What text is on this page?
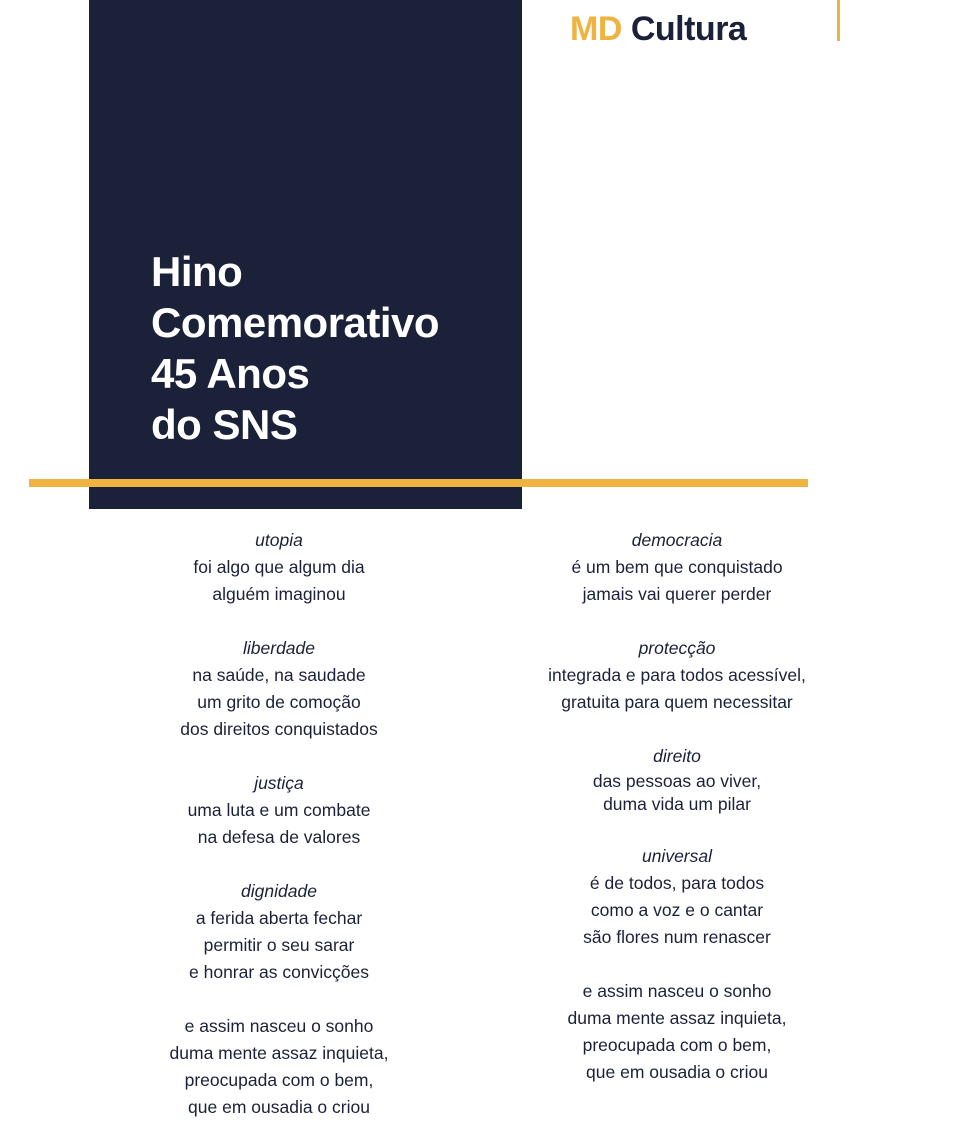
Hino
Comemorativo
45 Anos
do SNS
MD Cultura
utopia
foi algo que algum dia
alguém imaginou
liberdade
na saúde, na saudade
um grito de comoção
dos direitos conquistados
justiça
uma luta e um combate
na defesa de valores
dignidade
a ferida aberta fechar
permitir o seu sarar
e honrar as convicções
e assim nasceu o sonho
duma mente assaz inquieta,
preocupada com o bem,
que em ousadia o criou
democracia
é um bem que conquistado
jamais vai querer perder
protecção
integrada e para todos acessível,
gratuita para quem necessitar
direito
das pessoas ao viver,
duma vida um pilar
universal
é de todos, para todos
como a voz e o cantar
são flores num renascer
e assim nasceu o sonho
duma mente assaz inquieta,
preocupada com o bem,
que em ousadia o criou
